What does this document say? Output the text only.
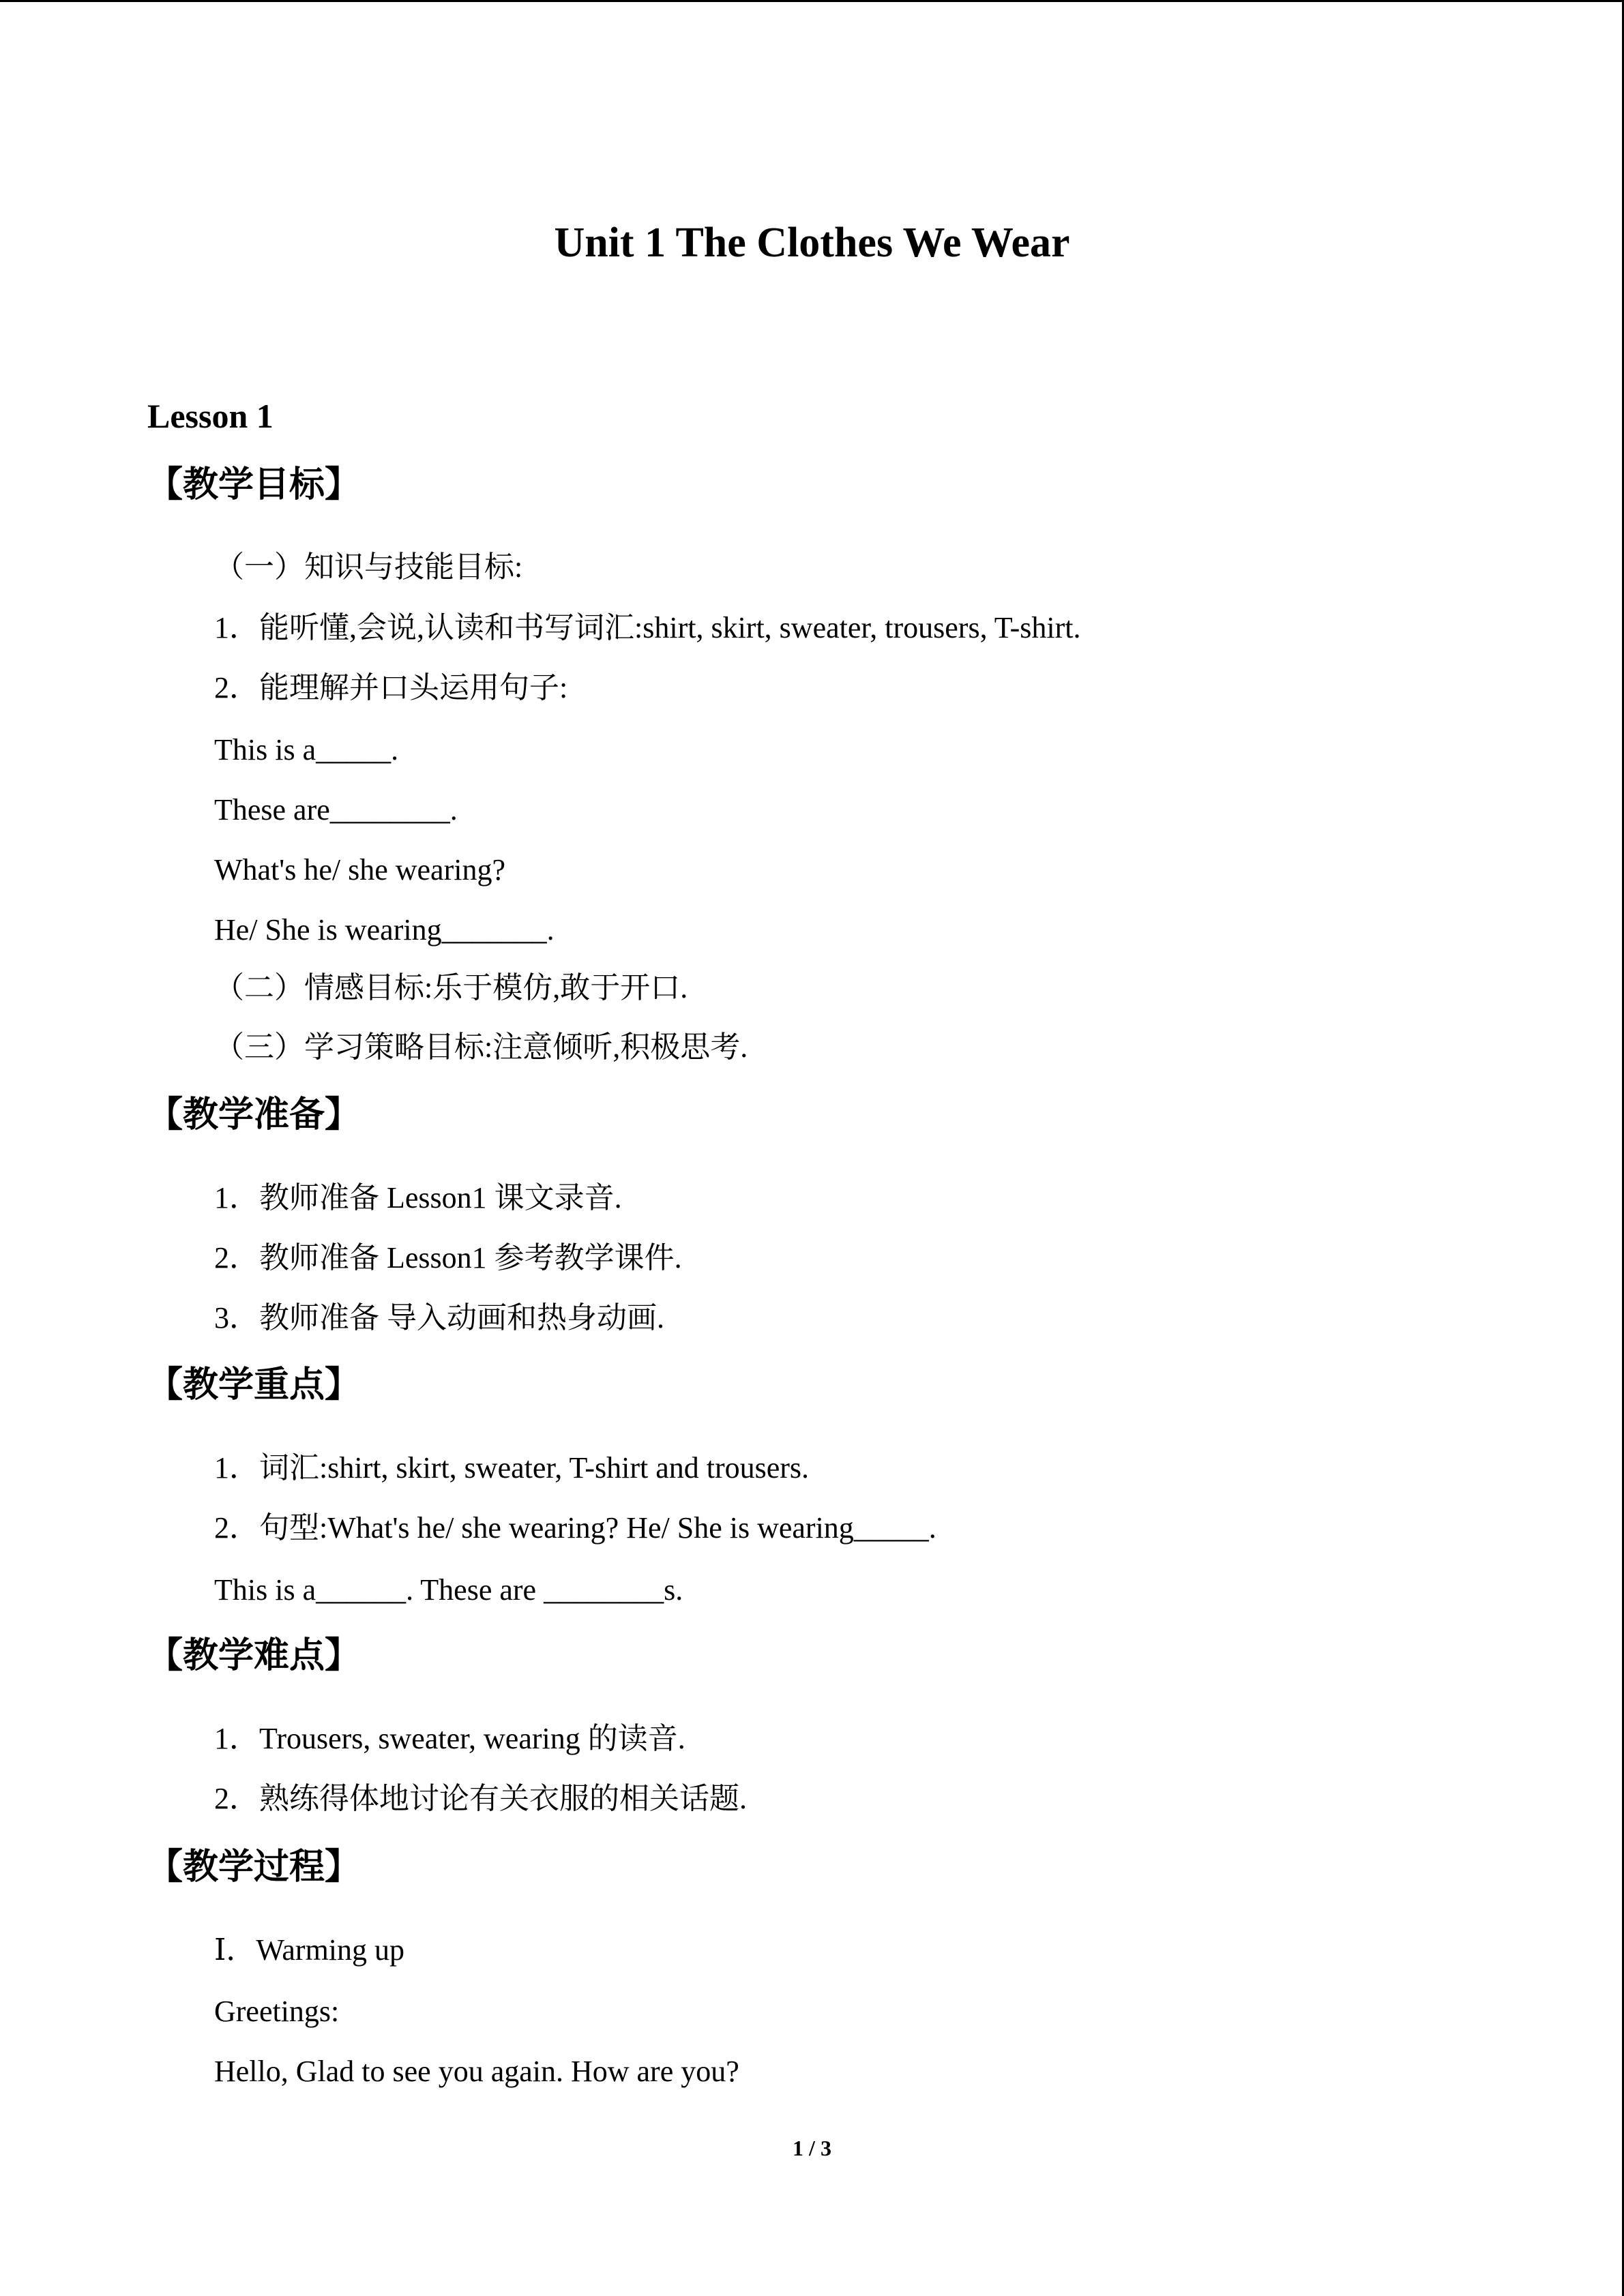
Unit 1 The Clothes We Wear
Lesson 1
【教学目标】
（一）知识与技能目标:
1．能听懂,会说,认读和书写词汇:shirt, skirt, sweater, trousers, T-shirt.
2．能理解并口头运用句子:
This is a_____.
These are________.
What's he/ she wearing?
He/ She is wearing_______.
（二）情感目标:乐于模仿,敢于开口.
（三）学习策略目标:注意倾听,积极思考.
【教学准备】
1．教师准备 Lesson1 课文录音.
2．教师准备 Lesson1 参考教学课件.
3．教师准备 导入动画和热身动画.
【教学重点】
1．词汇:shirt, skirt, sweater, T-shirt and trousers.
2．句型:What's he/ she wearing? He/ She is wearing_____.
This is a______. These are ________s.
【教学难点】
1．Trousers, sweater, wearing 的读音.
2．熟练得体地讨论有关衣服的相关话题.
【教学过程】
Ⅰ．Warming up
Greetings:
Hello, Glad to see you again. How are you?
1 / 3
